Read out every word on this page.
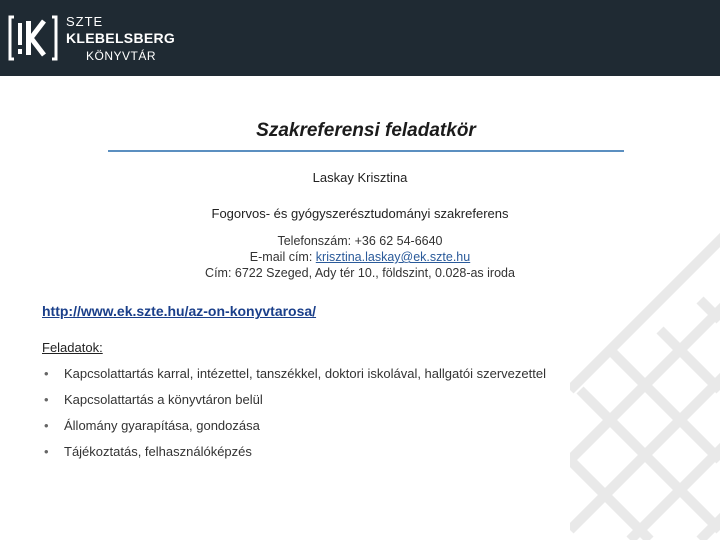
SZTE
KLEBELSBERG
KÖNYVTÁR
Szakreferensi feladatkör
Laskay Krisztina
Fogorvos- és gyógyszerésztudományi szakreferens
Telefonszám: +36 62 54-6640
E-mail cím: krisztina.laskay@ek.szte.hu
Cím: 6722 Szeged, Ady tér 10., földszint, 0.028-as iroda
http://www.ek.szte.hu/az-on-konyvtarosa/
Feladatok:
• Kapcsolattartás karral, intézettel, tanszékkel, doktori iskolával, hallgatói szervezettel
• Kapcsolattartás a könyvtáron belül
• Állomány gyarapítása, gondozása
• Tájékoztatás, felhasználóképzés
